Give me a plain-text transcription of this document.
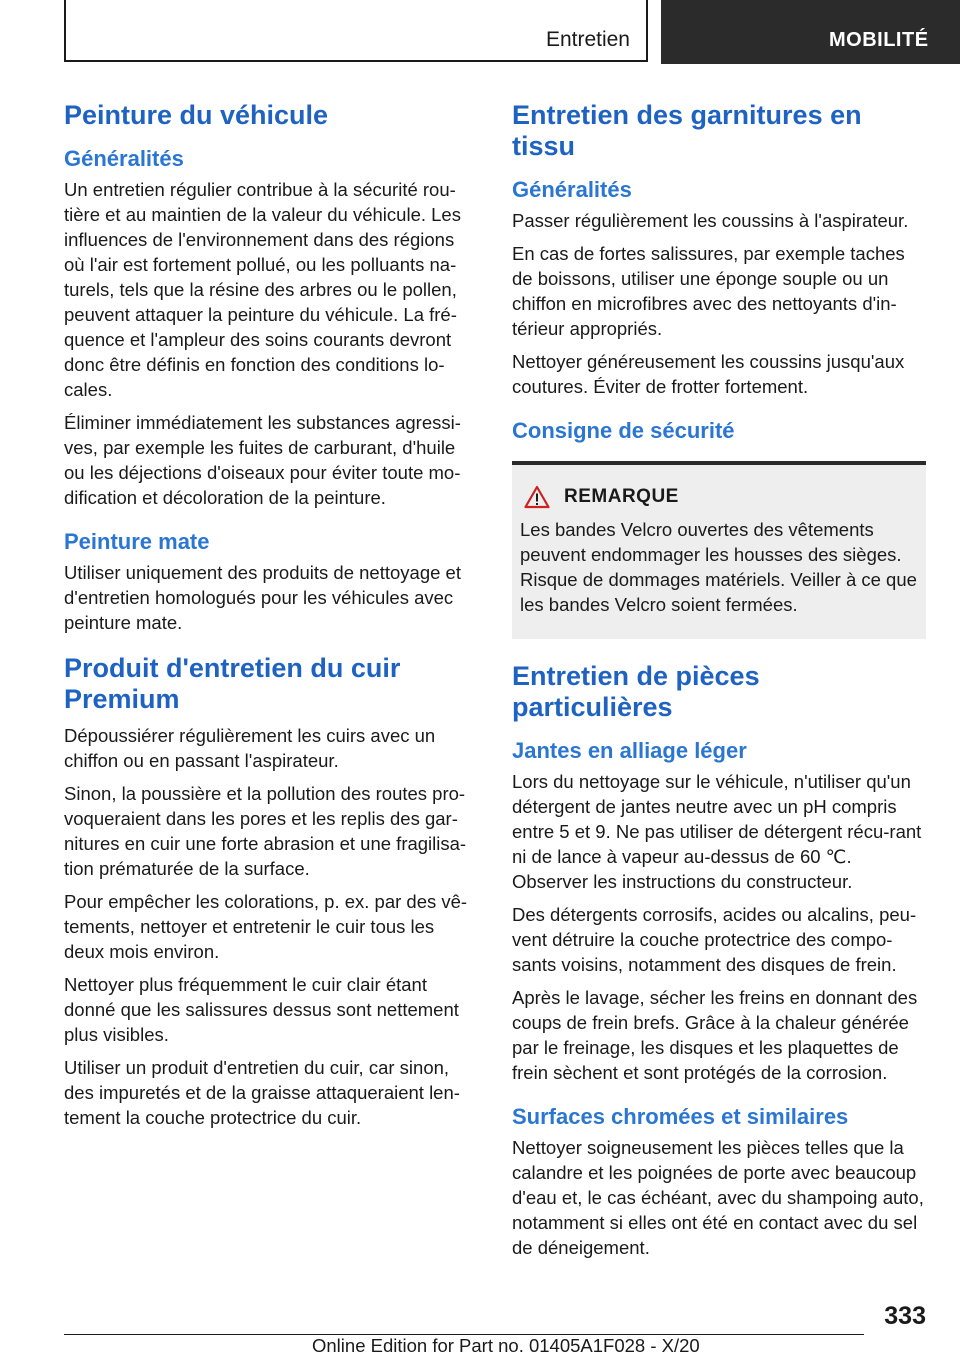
Entretien	MOBILITÉ
Peinture du véhicule
Généralités

Un entretien régulier contribue à la sécurité rou-tière et au maintien de la valeur du véhicule. Les influences de l'environnement dans des régions où l'air est fortement pollué, ou les polluants na-turels, tels que la résine des arbres ou le pollen, peuvent attaquer la peinture du véhicule. La fré-quence et l'ampleur des soins courants devront donc être définis en fonction des conditions lo-cales.

Éliminer immédiatement les substances agressi-ves, par exemple les fuites de carburant, d'huile ou les déjections d'oiseaux pour éviter toute mo-dification et décoloration de la peinture.

Peinture mate

Utiliser uniquement des produits de nettoyage et d'entretien homologués pour les véhicules avec peinture mate.

Produit d'entretien du cuir Premium

Dépoussiérer régulièrement les cuirs avec un chiffon ou en passant l'aspirateur.

Sinon, la poussière et la pollution des routes pro-voqueraient dans les pores et les replis des gar-nitures en cuir une forte abrasion et une fragilisa-tion prématurée de la surface.

Pour empêcher les colorations, p. ex. par des vê-tements, nettoyer et entretenir le cuir tous les deux mois environ.

Nettoyer plus fréquemment le cuir clair étant donné que les salissures dessus sont nettement plus visibles.

Utiliser un produit d'entretien du cuir, car sinon, des impuretés et de la graisse attaqueraient len-tement la couche protectrice du cuir.

Entretien des garnitures en tissu
Généralités

Passer régulièrement les coussins à l'aspirateur.

En cas de fortes salissures, par exemple taches de boissons, utiliser une éponge souple ou un chiffon en microfibres avec des nettoyants d'in-térieur appropriés.

Nettoyer généreusement les coussins jusqu'aux coutures. Éviter de frotter fortement.

Consigne de sécurité
REMARQUE

Les bandes Velcro ouvertes des vêtements peuvent endommager les housses des sièges. Risque de dommages matériels. Veiller à ce que les bandes Velcro soient fermées.

Entretien de pièces particulières
Jantes en alliage léger

Lors du nettoyage sur le véhicule, n'utiliser qu'un détergent de jantes neutre avec un pH compris entre 5 et 9. Ne pas utiliser de détergent récu-rant ni de lance à vapeur au-dessus de 60 ℃. Observer les instructions du constructeur.

Des détergents corrosifs, acides ou alcalins, peu-vent détruire la couche protectrice des compo-sants voisins, notamment des disques de frein.

Après le lavage, sécher les freins en donnant des coups de frein brefs. Grâce à la chaleur générée par le freinage, les disques et les plaquettes de frein sèchent et sont protégés de la corrosion.

Surfaces chromées et similaires

Nettoyer soigneusement les pièces telles que la calandre et les poignées de porte avec beaucoup d'eau et, le cas échéant, avec du shampoing auto, notamment si elles ont été en contact avec du sel de déneigement.

333
Online Edition for Part no. 01405A1F028 - X/20
